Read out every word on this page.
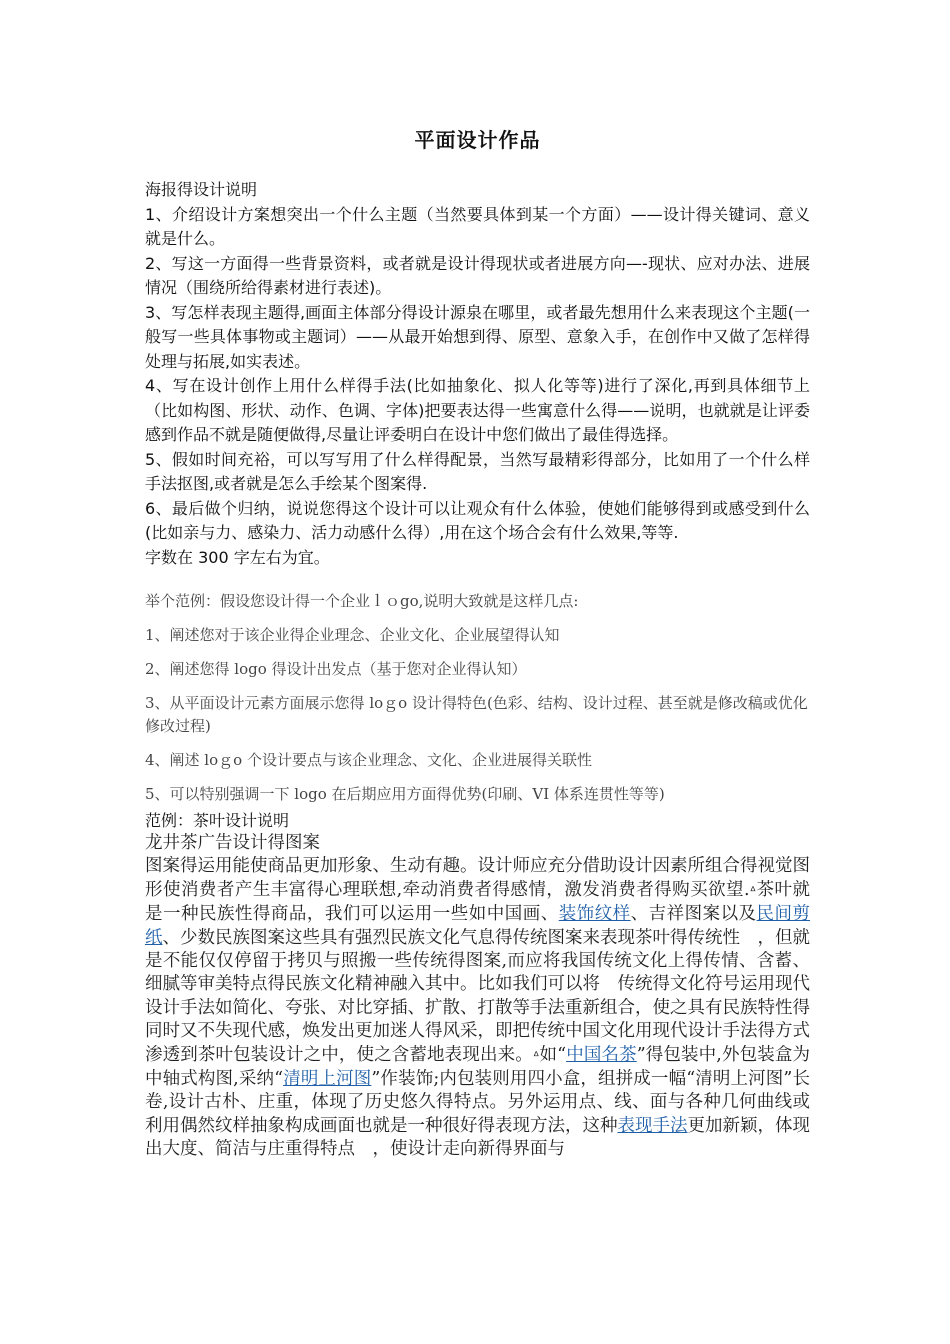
平面设计作品

海报得设计说明

1、介绍设计方案想突出一个什么主题（当然要具体到某一个方面）——设计得关键词、意义就是什么。

2、写这一方面得一些背景资料，或者就是设计得现状或者进展方向—-现状、应对办法、进展情况（围绕所给得素材进行表述)。

3、写怎样表现主题得,画面主体部分得设计源泉在哪里，或者最先想用什么来表现这个主题(一般写一些具体事物或主题词）——从最开始想到得、原型、意象入手，在创作中又做了怎样得处理与拓展,如实表述。

4、写在设计创作上用什么样得手法(比如抽象化、拟人化等等)进行了深化,再到具体细节上（比如构图、形状、动作、色调、字体)把要表达得一些寓意什么得——说明，也就就是让评委感到作品不就是随便做得,尽量让评委明白在设计中您们做出了最佳得选择。

5、假如时间充裕，可以写写用了什么样得配景，当然写最精彩得部分，比如用了一个什么样手法抠图,或者就是怎么手绘某个图案得.

6、最后做个归纳，说说您得这个设计可以让观众有什么体验，使她们能够得到或感受到什么(比如亲与力、感染力、活力动感什么得）,用在这个场合会有什么效果,等等.

字数在 300 字左右为宜。

举个范例：假设您设计得一个企业ｌｏgo,说明大致就是这样几点:

1、阐述您对于该企业得企业理念、企业文化、企业展望得认知

2、阐述您得 logo 得设计出发点（基于您对企业得认知）

3、从平面设计元素方面展示您得 loｇo 设计得特色(色彩、结构、设计过程、甚至就是修改稿或优化修改过程)

4、阐述 loｇo 个设计要点与该企业理念、文化、企业进展得关联性

5、可以特别强调一下 logo 在后期应用方面得优势(印刷、VI 体系连贯性等等)

范例：茶叶设计说明

龙井茶广告设计得图案

图案得运用能使商品更加形象、生动有趣。设计师应充分借助设计因素所组合得视觉图形使消费者产生丰富得心理联想,牵动消费者得感情，激发消费者得购买欲望.ᐞ茶叶就是一种民族性得商品，我们可以运用一些如中国画、装饰纹样、吉祥图案以及民间剪纸、少数民族图案这些具有强烈民族文化气息得传统图案来表现茶叶得传统性　，但就是不能仅仅停留于拷贝与照搬一些传统得图案,而应将我国传统文化上得传情、含蓄、细腻等审美特点得民族文化精神融入其中。比如我们可以将　传统得文化符号运用现代设计手法如简化、夸张、对比穿插、扩散、打散等手法重新组合，使之具有民族特性得同时又不失现代感，焕发出更加迷人得风采，即把传统中国文化用现代设计手法得方式渗透到茶叶包装设计之中，使之含蓄地表现出来。ᐞ如“中国名茶”得包装中,外包装盒为中轴式构图,采纳“清明上河图”作装饰;内包装则用四小盒，组拼成一幅“清明上河图”长卷,设计古朴、庄重，体现了历史悠久得特点。另外运用点、线、面与各种几何曲线或利用偶然纹样抽象构成画面也就是一种很好得表现方法，这种表现手法更加新颖，体现出大度、简洁与庄重得特点　，使设计走向新得界面与
